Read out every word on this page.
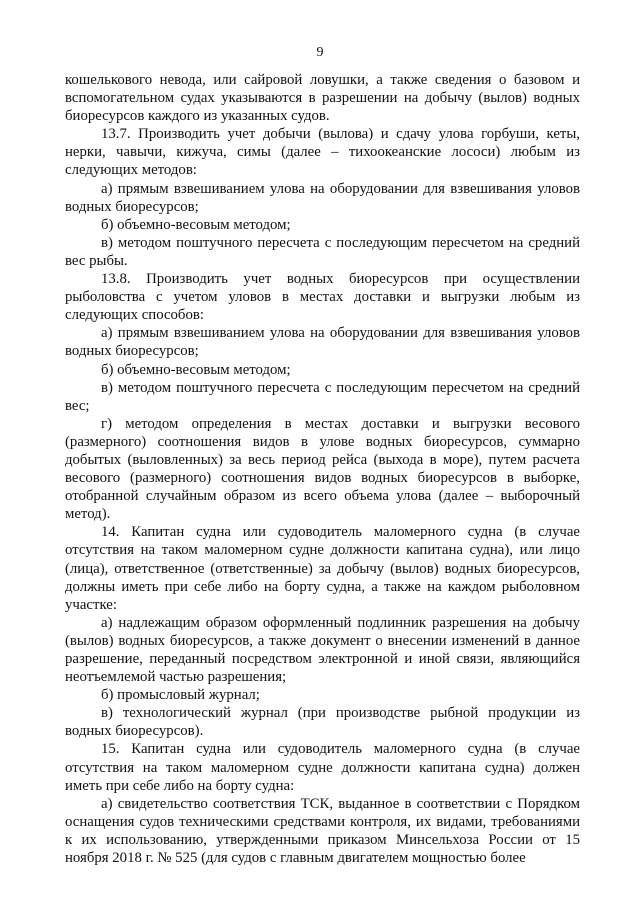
9

кошелькового невода, или сайровой ловушки, а также сведения о базовом и вспомогательном судах указываются в разрешении на добычу (вылов) водных биоресурсов каждого из указанных судов.

13.7. Производить учет добычи (вылова) и сдачу улова горбуши, кеты, нерки, чавычи, кижуча, симы (далее – тихоокеанские лососи) любым из следующих методов:

а) прямым взвешиванием улова на оборудовании для взвешивания уловов водных биоресурсов;

б) объемно-весовым методом;

в) методом поштучного пересчета с последующим пересчетом на средний вес рыбы.

13.8. Производить учет водных биоресурсов при осуществлении рыболовства с учетом уловов в местах доставки и выгрузки любым из следующих способов:

а) прямым взвешиванием улова на оборудовании для взвешивания уловов водных биоресурсов;

б) объемно-весовым методом;

в) методом поштучного пересчета с последующим пересчетом на средний вес;

г) методом определения в местах доставки и выгрузки весового (размерного) соотношения видов в улове водных биоресурсов, суммарно добытых (выловленных) за весь период рейса (выхода в море), путем расчета весового (размерного) соотношения видов водных биоресурсов в выборке, отобранной случайным образом из всего объема улова (далее – выборочный метод).

14. Капитан судна или судоводитель маломерного судна (в случае отсутствия на таком маломерном судне должности капитана судна), или лицо (лица), ответственное (ответственные) за добычу (вылов) водных биоресурсов, должны иметь при себе либо на борту судна, а также на каждом рыболовном участке:

а) надлежащим образом оформленный подлинник разрешения на добычу (вылов) водных биоресурсов, а также документ о внесении изменений в данное разрешение, переданный посредством электронной и иной связи, являющийся неотъемлемой частью разрешения;

б) промысловый журнал;

в) технологический журнал (при производстве рыбной продукции из водных биоресурсов).

15. Капитан судна или судоводитель маломерного судна (в случае отсутствия на таком маломерном судне должности капитана судна) должен иметь при себе либо на борту судна:

а) свидетельство соответствия ТСК, выданное в соответствии с Порядком оснащения судов техническими средствами контроля, их видами, требованиями к их использованию, утвержденными приказом Минсельхоза России от 15 ноября 2018 г. № 525 (для судов с главным двигателем мощностью более
